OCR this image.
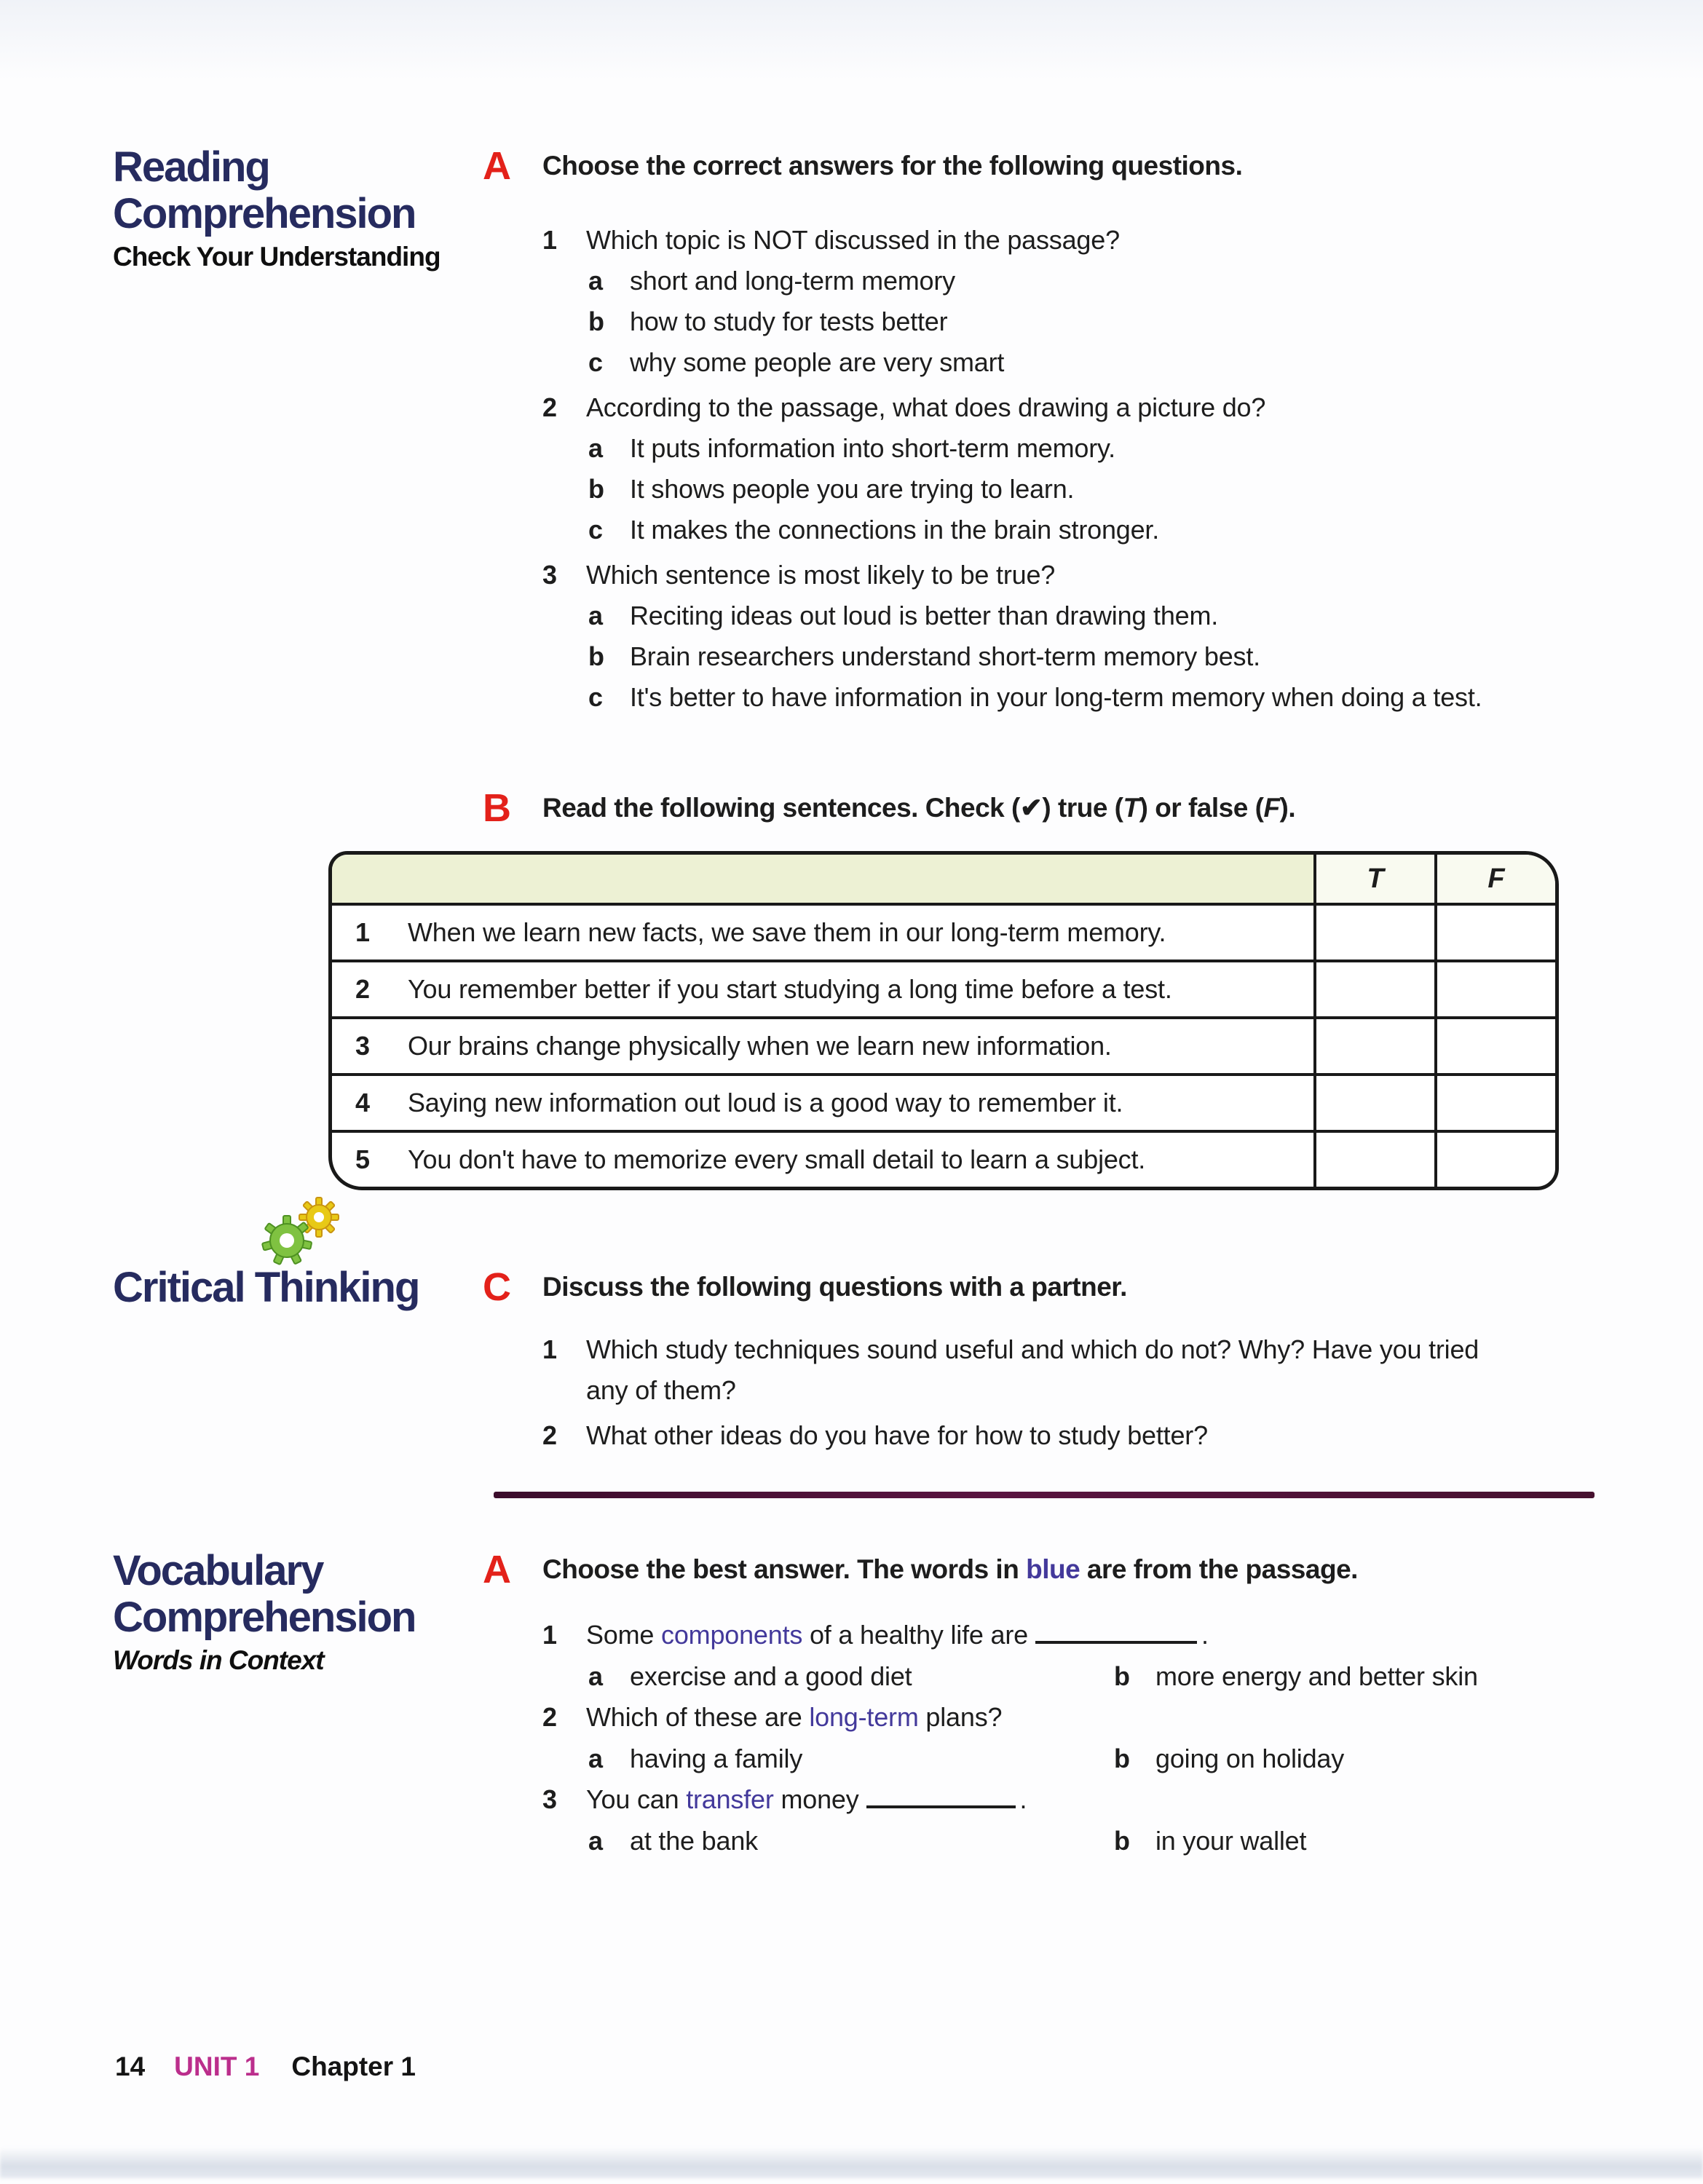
Reading
Comprehension
Check Your Understanding
A	Choose the correct answers for the following questions.
1	Which topic is NOT discussed in the passage?
a	short and long-term memory
b how to study for tests better
c	why some people are very smart
2	According to the passage, what does drawing a picture do?
a	It puts information into short-term memory.
b It shows people you are trying to learn.
c	It makes the connections in the brain stronger.
3	Which sentence is most likely to be true?
a	Reciting ideas out loud is better than drawing them.
b Brain researchers understand short-term memory best.
c	It's better to have information in your long-term memory when doing a test.
B	Read the following sentences. Check (✔) true (T) or false (F).
T	F
1	When we learn new facts, we save them in our long-term memory.
2	You remember better if you start studying a long time before a test.
3	Our brains change physically when we learn new information.
4	Saying new information out loud is a good way to remember it.
5	You don't have to memorize every small detail to learn a subject.
Critical Thinking C	Discuss the following questions with a partner.
1	Which study techniques sound useful and which do not? Why? Have you tried any of them?
2	What other ideas do you have for how to study better?
Vocabulary
Comprehension
Words in Context
A	Choose the best answer. The words in blue are from the passage.
1	Some components of a healthy life are	.
a	exercise and a good diet	b more energy and better skin
2	Which of these are long-term plans?
a	having a family	b going on holiday
3	You can transfer money	.
a	at the bank	b in your wallet
14 UNIT 1 Chapter 1
